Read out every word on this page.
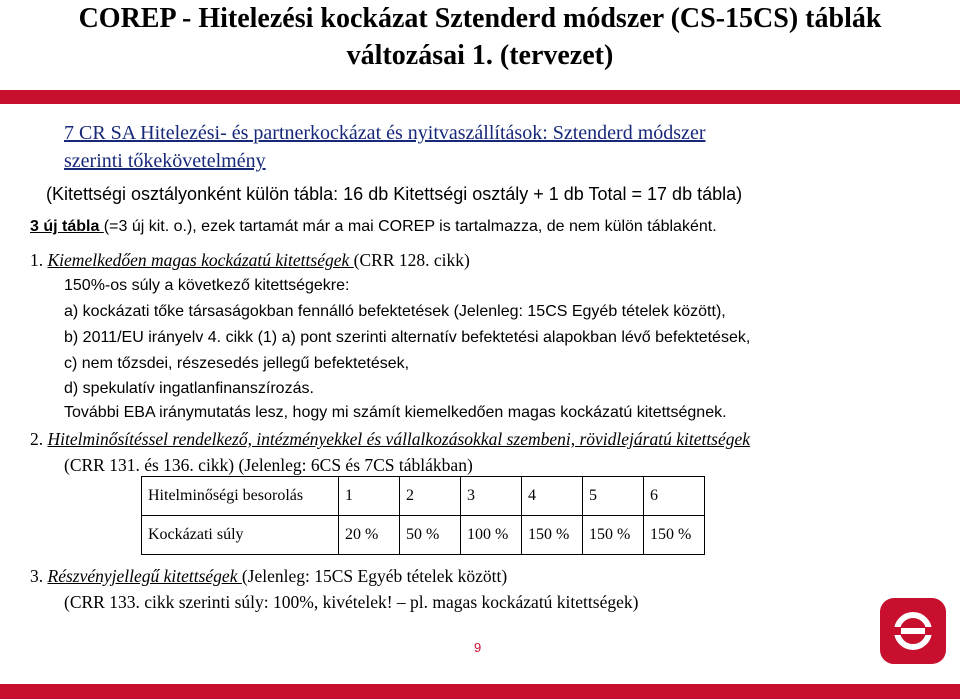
COREP - Hitelezési kockázat Sztenderd módszer (CS-15CS) táblák
változásai 1. (tervezet)
7 CR SA Hitelezési- és partnerkockázat és nyitvaszállítások: Sztenderd módszer
szerinti tőkekövetelmény
(Kitettségi osztályonként külön tábla: 16 db Kitettségi osztály + 1 db Total = 17 db tábla)
3 új tábla (=3 új kit. o.), ezek tartamát már a mai COREP is tartalmazza, de nem külön táblaként.
1. Kiemelkedően magas kockázatú kitettségek (CRR 128. cikk)
150%-os súly a következő kitettségekre:
a) kockázati tőke társaságokban fennálló befektetések (Jelenleg: 15CS Egyéb tételek között),
b) 2011/EU irányelv 4. cikk (1) a) pont szerinti alternatív befektetési alapokban lévő befektetések,
c) nem tőzsdei, részesedés jellegű befektetések,
d) spekulatív ingatlanfinanszírozás.
További EBA iránymutatás lesz, hogy mi számít kiemelkedően magas kockázatú kitettségnek.
2. Hitelminősítéssel rendelkező, intézményekkel és vállalkozásokkal szembeni, rövidlejáratú kitettségek
(CRR 131. és 136. cikk) (Jelenleg: 6CS és 7CS táblákban)
Hitelminőségi besorolás	1	2	3	4	5	6
Kockázati súly	20 %	50 %	100 %	150 %	150 %	150 %
3. Részvényjellegű kitettségek (Jelenleg: 15CS Egyéb tételek között)
(CRR 133. cikk szerinti súly: 100%, kivételek! – pl. magas kockázatú kitettségek)
9
